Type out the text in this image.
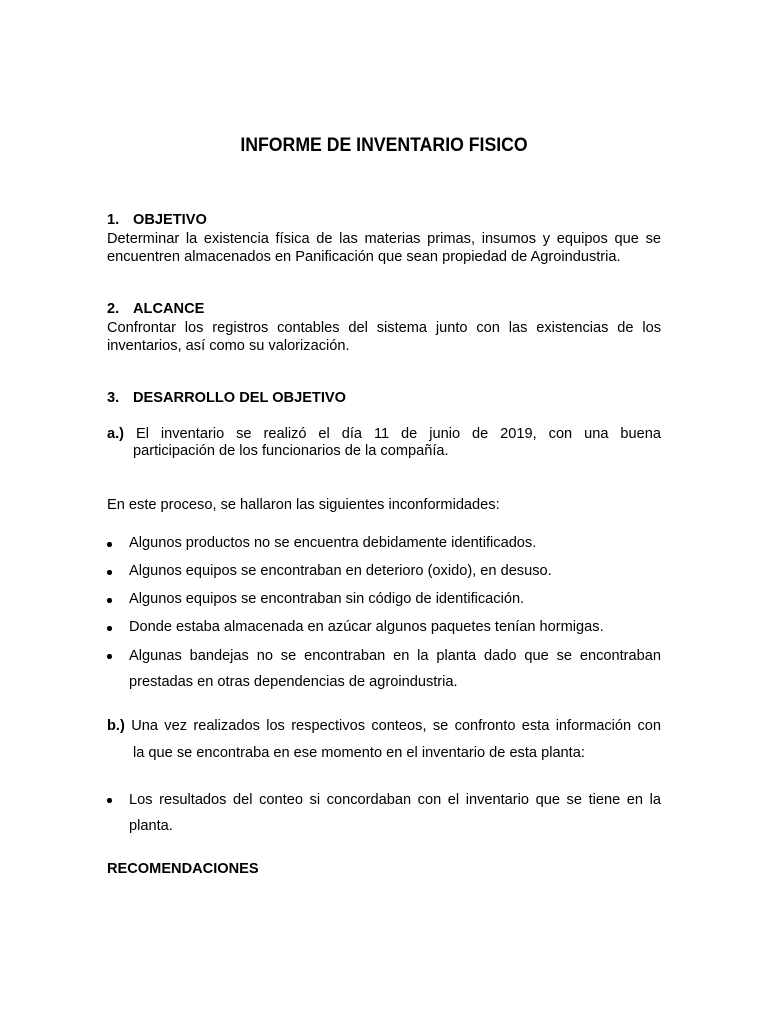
INFORME DE INVENTARIO FISICO

1. OBJETIVO

Determinar la existencia física de las materias primas, insumos y equipos que se
encuentren almacenados en Panificación que sean propiedad de Agroindustria.

2. ALCANCE

Confrontar los registros contables del sistema junto con las existencias de los
inventarios, así como su valorización.

3. DESARROLLO DEL OBJETIVO

a.) El inventario se realizó el día 11 de junio de 2019, con una buena
participación de los funcionarios de la compañía.

En este proceso, se hallaron las siguientes inconformidades:

Algunos productos no se encuentra debidamente identificados.
Algunos equipos se encontraban en deterioro (oxido), en desuso.
Algunos equipos se encontraban sin código de identificación.
Donde estaba almacenada en azúcar algunos paquetes tenían hormigas.
Algunas bandejas no se encontraban en la planta dado que se encontraban
prestadas en otras dependencias de agroindustria.
b.) Una vez realizados los respectivos conteos, se confronto esta información con
la que se encontraba en ese momento en el inventario de esta planta:
Los resultados del conteo si concordaban con el inventario que se tiene en la
planta.

RECOMENDACIONES
